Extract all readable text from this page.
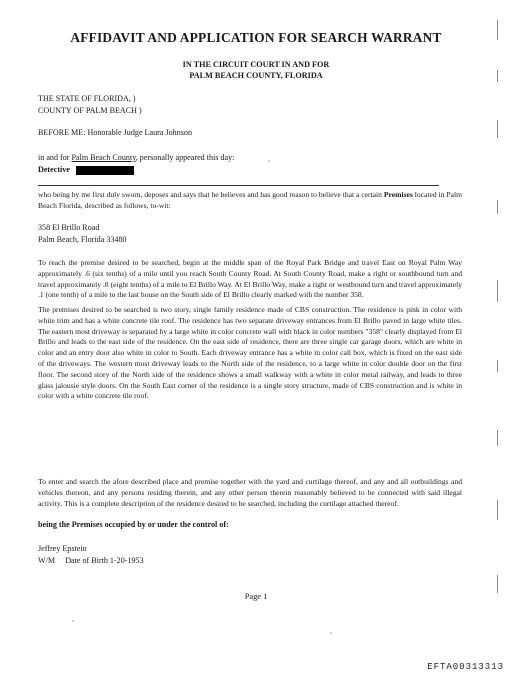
AFFIDAVIT AND APPLICATION FOR SEARCH WARRANT
IN THE CIRCUIT COURT IN AND FOR
PALM BEACH COUNTY, FLORIDA
THE STATE OF FLORIDA, )
COUNTY OF PALM BEACH )
BEFORE ME: Honorable Judge Laura Johnson
in and for Palm Beach County, personally appeared this day:
Detective
who being by me first duly sworn, deposes and says that he believes and has good reason to believe that a certain Premises located in Palm Beach Florida, described as follows, to-wit:
358 El Brillo Road
Palm Beach, Florida 33480
To reach the premise desired to be searched, begin at the middle span of the Royal Park Bridge and travel East on Royal Palm Way approximately .6 (six tenths) of a mile until you reach South County Road. At South County Road, make a right or southbound turn and travel approximately .8 (eight tenths) of a mile to El Brillo Way. At El Brillo Way, make a right or westbound turn and travel approximately .1 (one tenth) of a mile to the last house on the South side of El Brillo clearly marked with the number 358.
The premises desired to be searched is two story, single family residence made of CBS construction. The residence is pink in color with white trim and has a white concrete tile roof. The residence has two separate driveway entrances from El Brillo paved in large white tiles. The eastern most driveway is separated by a large white in color concrete wall with black in color numbers "358" clearly displayed from El Brillo and leads to the east side of the residence. On the east side of residence, there are three single car garage doors, which are white in color and an entry door also white in color to South. Each driveway entrance has a white in color call box, which is fixed on the east side of the driveways. The western most driveway leads to the North side of the residence, to a large white in color double door on the first floor. The second story of the North side of the residence shows a small walkway with a white in color metal railway, and leads to three glass jalousie style doors. On the South East corner of the residence is a single story structure, made of CBS construction and is white in color with a white concrete tile roof.
To enter and search the afore described place and premise together with the yard and curtilage thereof, and any and all outbuildings and vehicles thereon, and any persons residing therein, and any other person therein reasonably believed to be connected with said illegal activity. This is a complete description of the residence desired to be searched, including the curtilage attached thereof.
being the Premises occupied by or under the control of:
Jeffrey Epstein
W/M     Date of Birth 1-20-1953
Page 1
EFTA00313313
